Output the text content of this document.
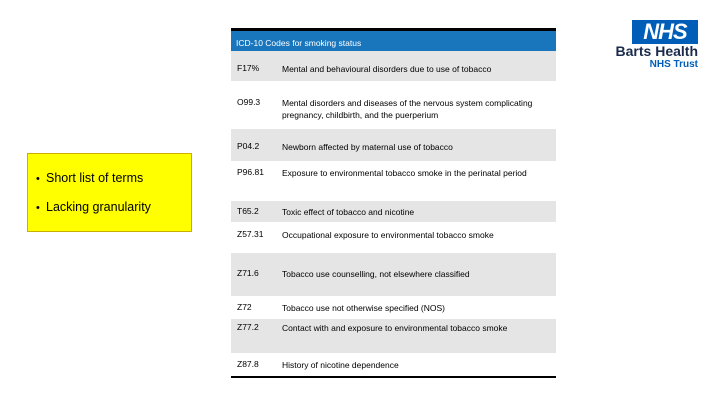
• Short list of terms
• Lacking granularity
ICD-10 Codes for smoking status
F17%	Mental and behavioural disorders due to use of tobacco
O99.3	Mental disorders and diseases of the nervous system complicating pregnancy, childbirth, and the puerperium
P04.2	Newborn affected by maternal use of tobacco
P96.81	Exposure to environmental tobacco smoke in the perinatal period
T65.2	Toxic effect of tobacco and nicotine
Z57.31	Occupational exposure to environmental tobacco smoke
Z71.6	Tobacco use counselling, not elsewhere classified
Z72	Tobacco use not otherwise specified (NOS)
Z77.2	Contact with and exposure to environmental tobacco smoke
Z87.8	History of nicotine dependence
NHS
Barts Health
NHS Trust
